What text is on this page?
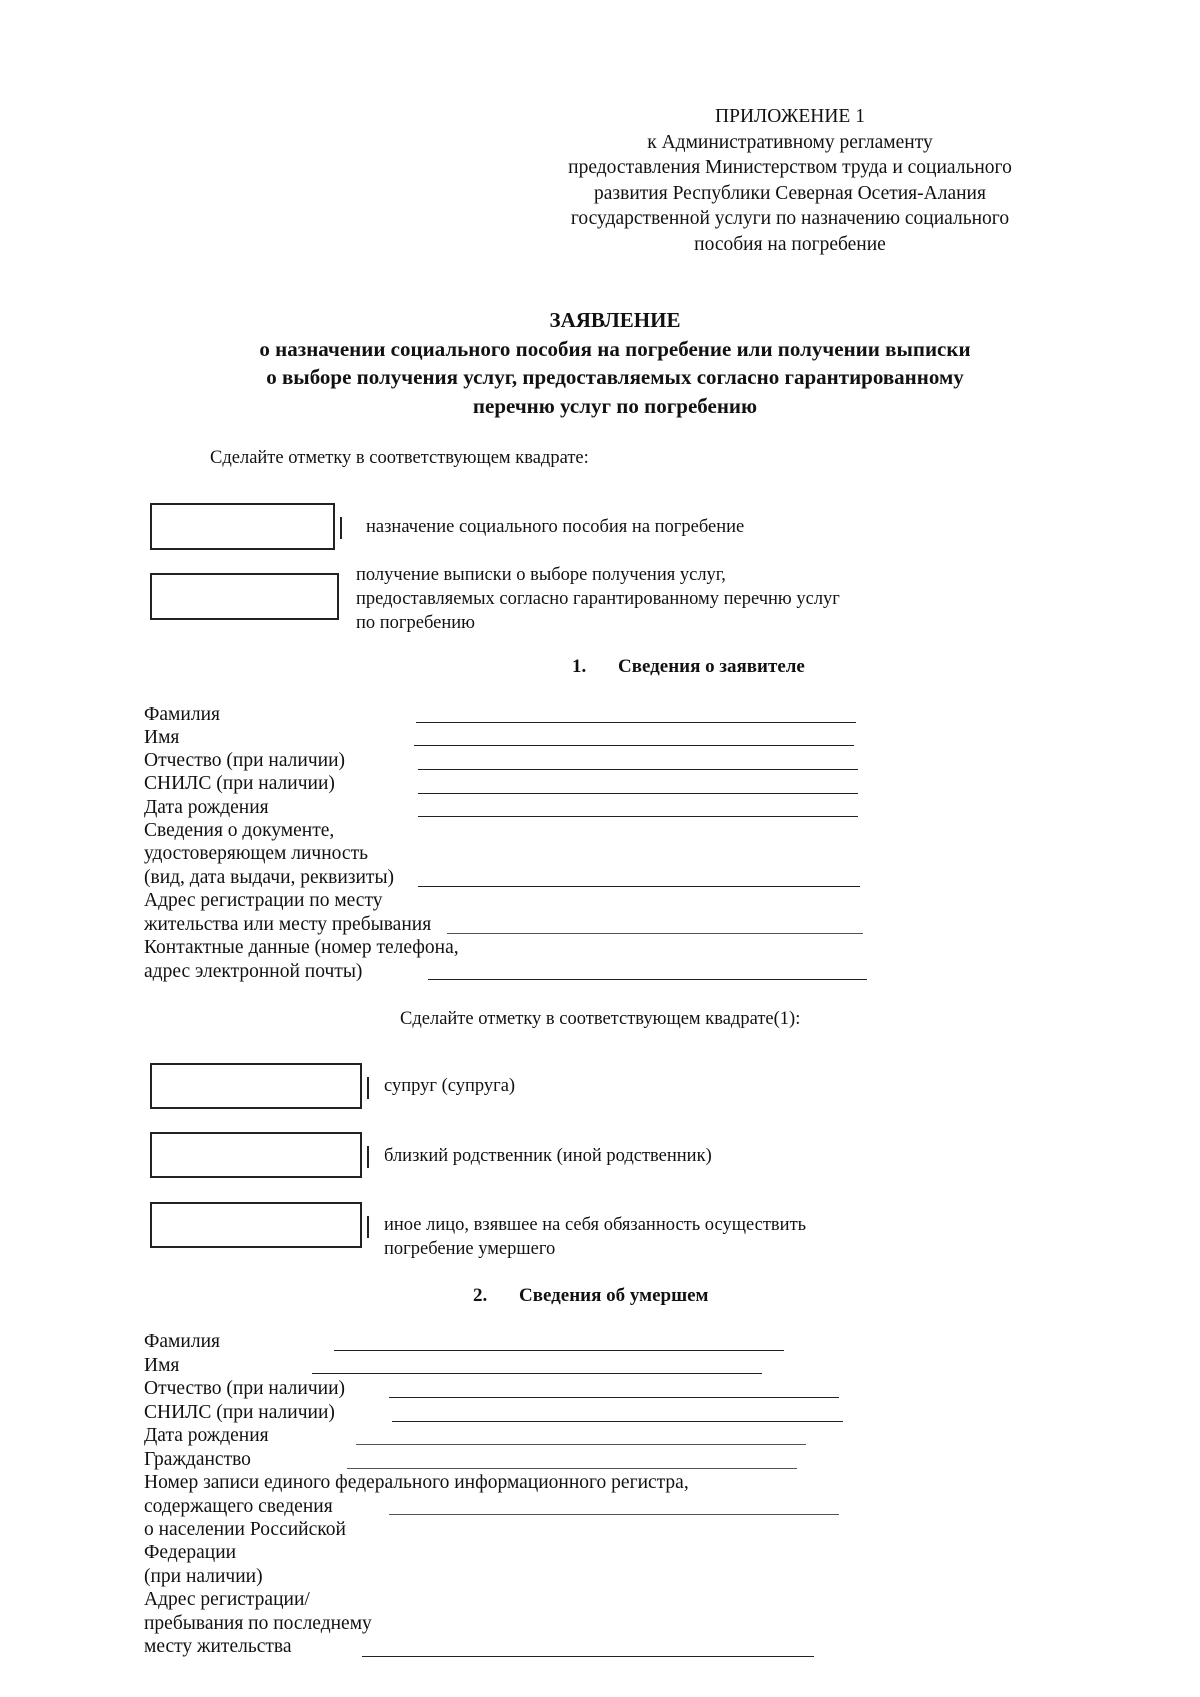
ПРИЛОЖЕНИЕ 1
к Административному регламенту
предоставления Министерством труда и социального
развития Республики Северная Осетия-Алания
государственной услуги по назначению социального
пособия на погребение
ЗАЯВЛЕНИЕ
о назначении социального пособия на погребение или получении выписки
о выборе получения услуг, предоставляемых согласно гарантированному
перечню услуг по погребению
Сделайте отметку в соответствующем квадрате:
назначение социального пособия на погребение
получение выписки о выборе получения услуг,
предоставляемых согласно гарантированному перечню услуг
по погребению
1. Сведения о заявителе
Фамилия
Имя
Отчество (при наличии)
СНИЛС (при наличии)
Дата рождения
Сведения о документе,
удостоверяющем личность
(вид, дата выдачи, реквизиты)
Адрес регистрации по месту
жительства или месту пребывания
Контактные данные (номер телефона,
адрес электронной почты)
Сделайте отметку в соответствующем квадрате(1):
супруг (супруга)
близкий родственник (иной родственник)
иное лицо, взявшее на себя обязанность осуществить
погребение умершего
2. Сведения об умершем
Фамилия
Имя
Отчество (при наличии)
СНИЛС (при наличии)
Дата рождения
Гражданство
Номер записи единого федерального информационного регистра,
содержащего сведения
о населении Российской
Федерации
(при наличии)
Адрес регистрации/
пребывания по последнему
месту жительства
